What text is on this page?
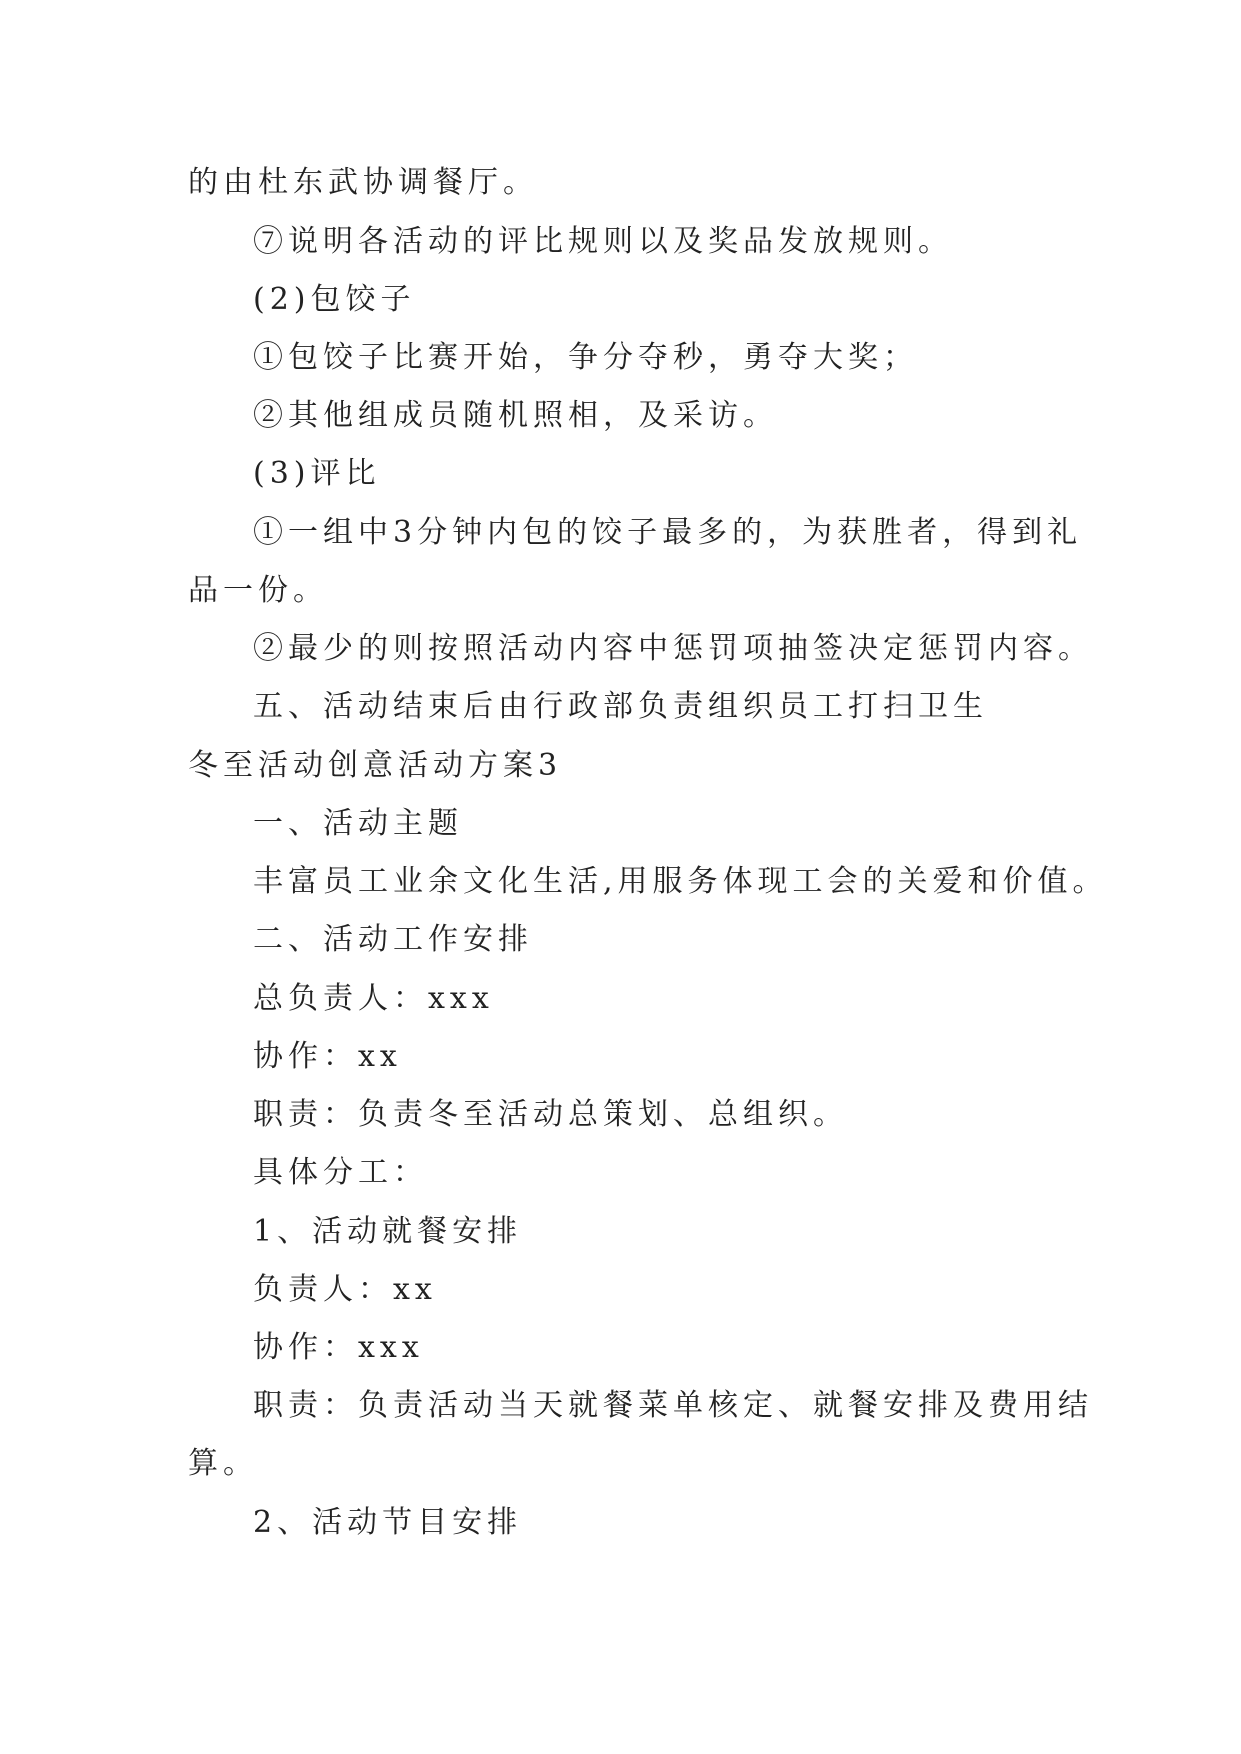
的由杜东武协调餐厅。
⑦说明各活动的评比规则以及奖品发放规则。
(2)包饺子
①包饺子比赛开始，争分夺秒，勇夺大奖；
②其他组成员随机照相，及采访。
(3)评比
①一组中3分钟内包的饺子最多的，为获胜者，得到礼
品一份。
②最少的则按照活动内容中惩罚项抽签决定惩罚内容。
五、活动结束后由行政部负责组织员工打扫卫生
冬至活动创意活动方案3
一、活动主题
丰富员工业余文化生活,用服务体现工会的关爱和价值。
二、活动工作安排
总负责人：xxx
协作：xx
职责：负责冬至活动总策划、总组织。
具体分工：
1、活动就餐安排
负责人：xx
协作：xxx
职责：负责活动当天就餐菜单核定、就餐安排及费用结
算。
2、活动节目安排
